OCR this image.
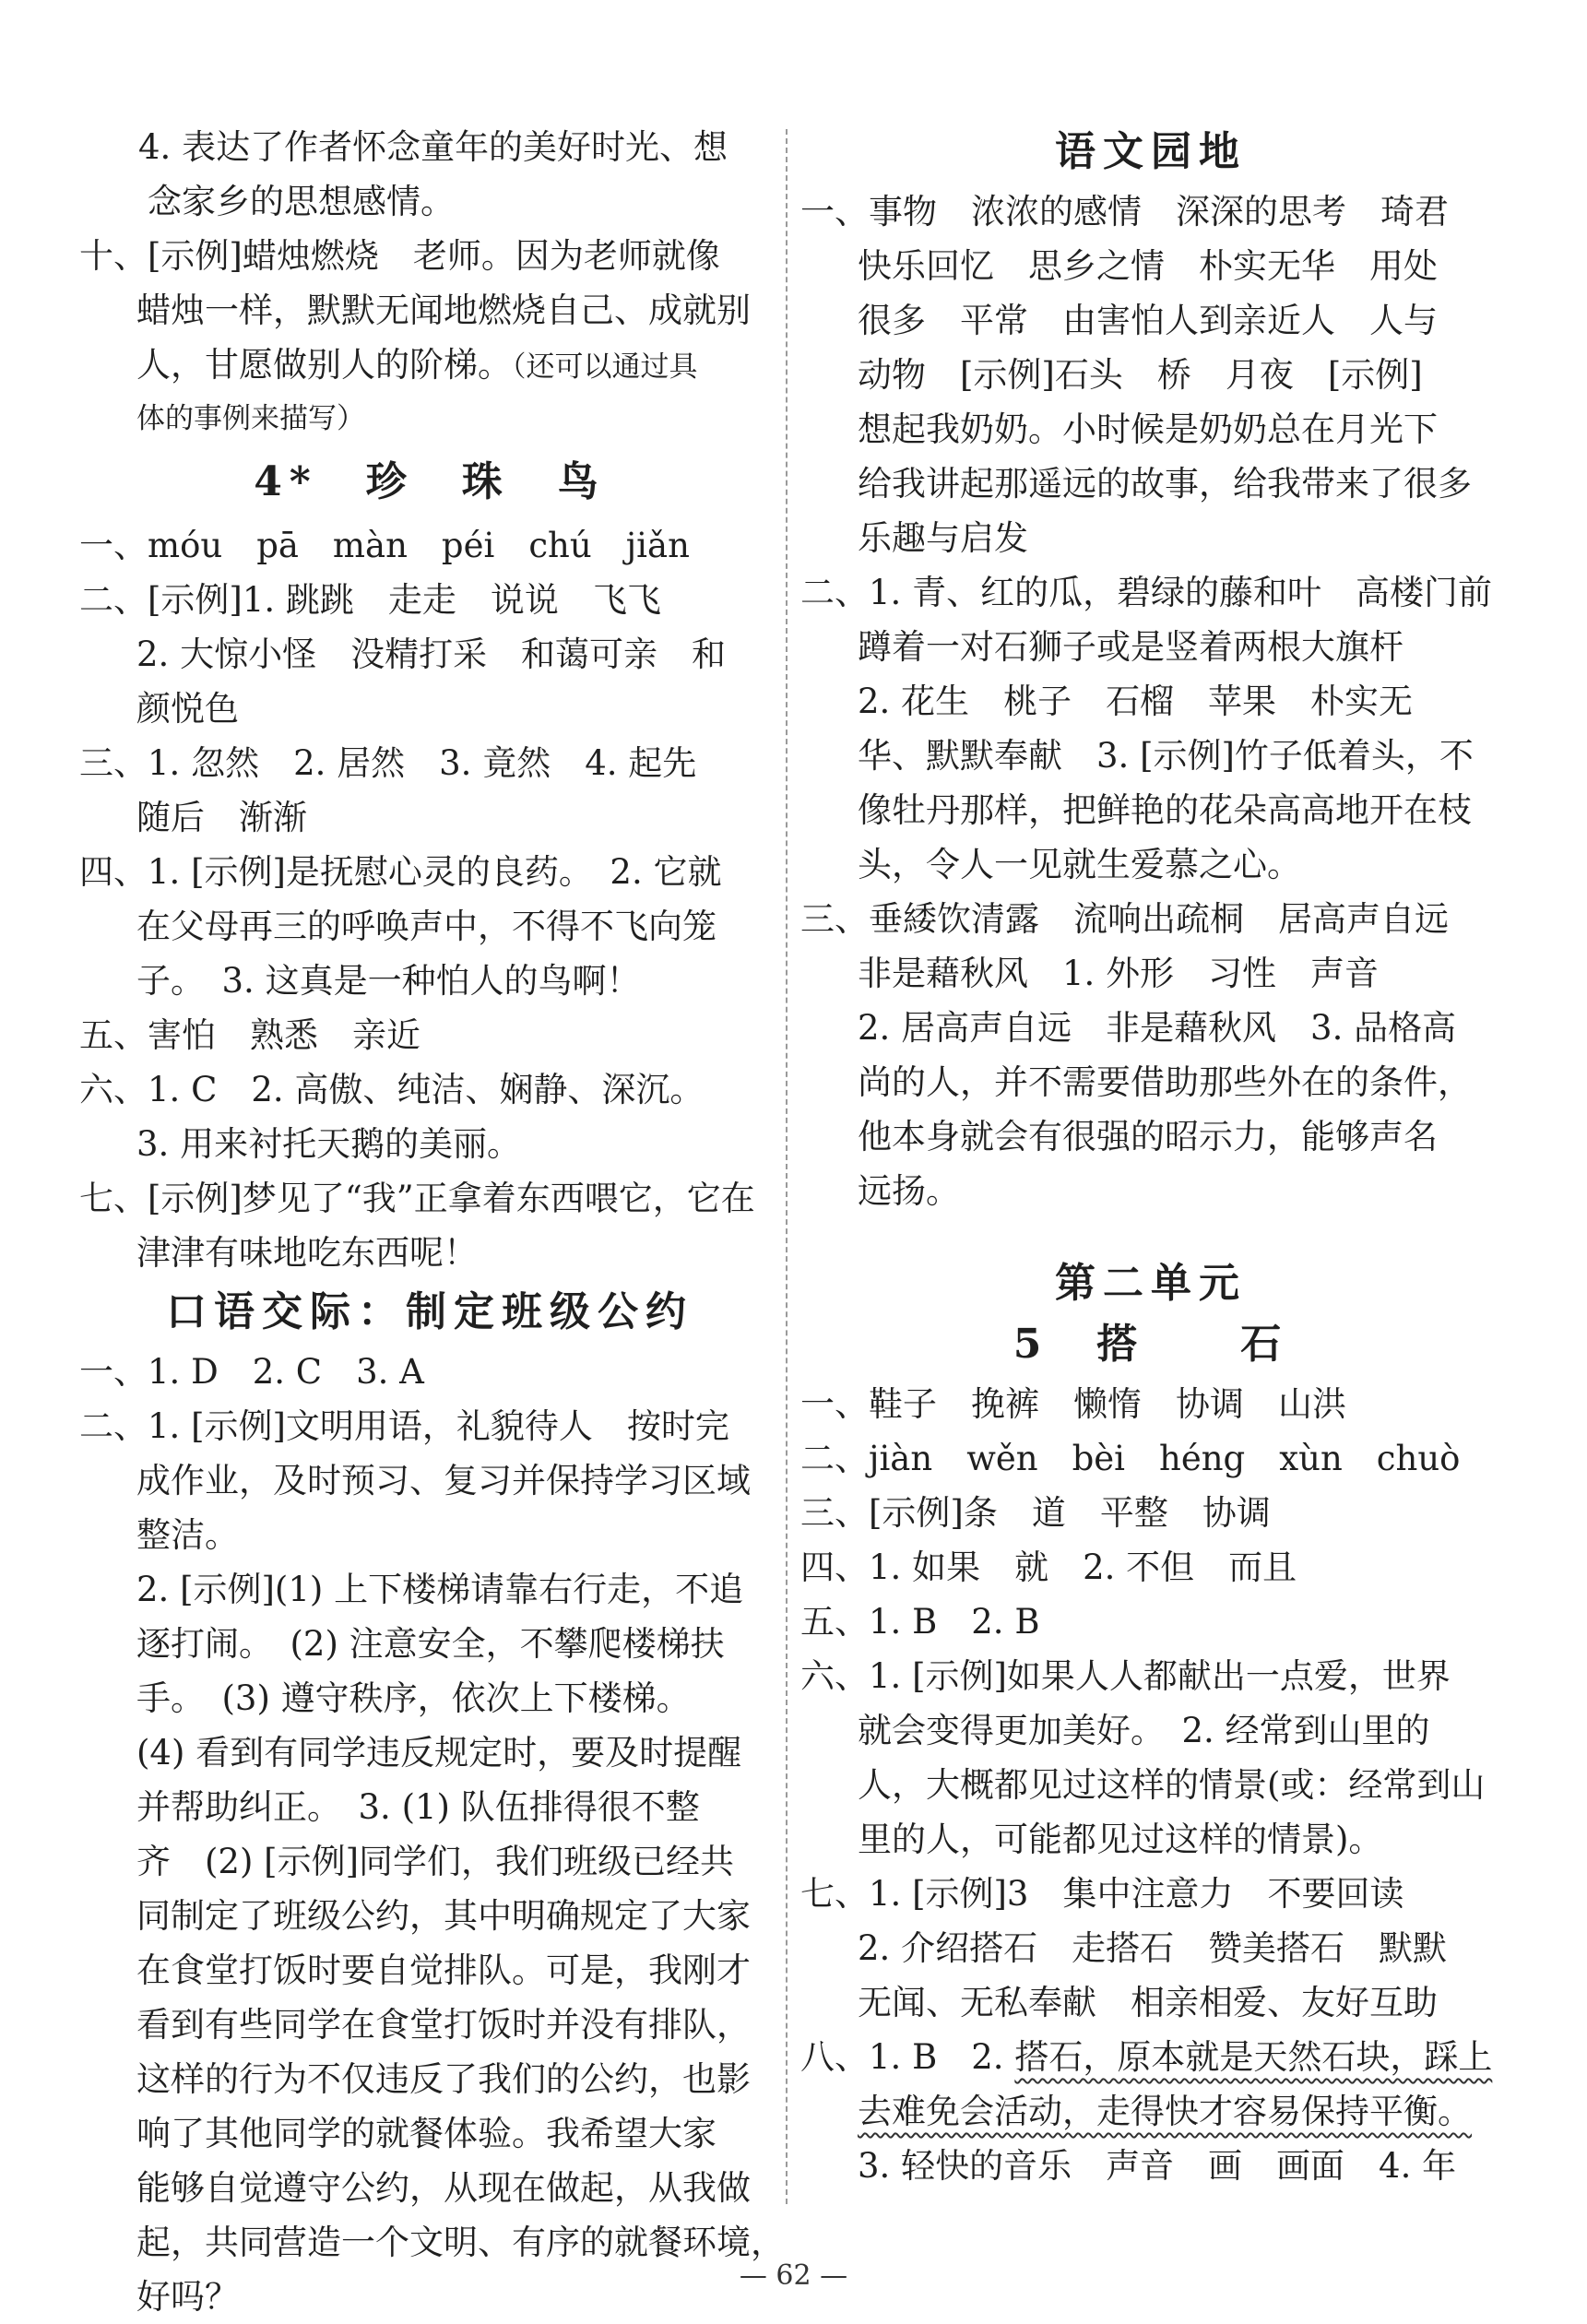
4. 表达了作者怀念童年的美好时光、想

念家乡的思想感情。

十、[示例]蜡烛燃烧　老师。因为老师就像

蜡烛一样，默默无闻地燃烧自己、成就别

人，甘愿做别人的阶梯。（还可以通过具

体的事例来描写）

4*　珍　珠　鸟

一、móu　pā　màn　péi　chú　jiǎn

二、[示例]1. 跳跳　走走　说说　飞飞

2. 大惊小怪　没精打采　和蔼可亲　和

颜悦色

三、1. 忽然　2. 居然　3. 竟然　4. 起先

随后　渐渐

四、1. [示例]是抚慰心灵的良药。　2. 它就

在父母再三的呼唤声中，不得不飞向笼

子。　3. 这真是一种怕人的鸟啊！

五、害怕　熟悉　亲近

六、1. C　2. 高傲、纯洁、娴静、深沉。

3. 用来衬托天鹅的美丽。

七、[示例]梦见了“我”正拿着东西喂它，它在

津津有味地吃东西呢！

口语交际：制定班级公约

一、1. D　2. C　3. A

二、1. [示例]文明用语，礼貌待人　按时完

成作业，及时预习、复习并保持学习区域

整洁。

2. [示例](1) 上下楼梯请靠右行走，不追

逐打闹。　(2) 注意安全，不攀爬楼梯扶

手。　(3) 遵守秩序，依次上下楼梯。

(4) 看到有同学违反规定时，要及时提醒

并帮助纠正。　3. (1) 队伍排得很不整

齐　(2) [示例]同学们，我们班级已经共

同制定了班级公约，其中明确规定了大家

在食堂打饭时要自觉排队。可是，我刚才

看到有些同学在食堂打饭时并没有排队，

这样的行为不仅违反了我们的公约，也影

响了其他同学的就餐体验。我希望大家

能够自觉遵守公约，从现在做起，从我做

起，共同营造一个文明、有序的就餐环境，

好吗？

语文园地

一、事物　浓浓的感情　深深的思考　琦君

快乐回忆　思乡之情　朴实无华　用处

很多　平常　由害怕人到亲近人　人与

动物　[示例]石头　桥　月夜　[示例]

想起我奶奶。小时候是奶奶总在月光下

给我讲起那遥远的故事，给我带来了很多

乐趣与启发

二、1. 青、红的瓜，碧绿的藤和叶　高楼门前

蹲着一对石狮子或是竖着两根大旗杆

2. 花生　桃子　石榴　苹果　朴实无

华、默默奉献　3. [示例]竹子低着头，不

像牡丹那样，把鲜艳的花朵高高地开在枝

头，令人一见就生爱慕之心。

三、垂緌饮清露　流响出疏桐　居高声自远

非是藉秋风　1. 外形　习性　声音

2. 居高声自远　非是藉秋风　3. 品格高

尚的人，并不需要借助那些外在的条件，

他本身就会有很强的昭示力，能够声名

远扬。

第二单元
5　搭　　石

一、鞋子　挽裤　懒惰　协调　山洪

二、jiàn　wěn　bèi　héng　xùn　chuò

三、[示例]条　道　平整　协调

四、1. 如果　就　2. 不但　而且

五、1. B　2. B

六、1. [示例]如果人人都献出一点爱，世界

就会变得更加美好。　2. 经常到山里的

人，大概都见过这样的情景(或：经常到山

里的人，可能都见过这样的情景)。

七、1. [示例]3　集中注意力　不要回读

2. 介绍搭石　走搭石　赞美搭石　默默

无闻、无私奉献　相亲相爱、友好互助

八、1. B　2. 搭石，原本就是天然石块，踩上

去难免会活动，走得快才容易保持平衡。

3. 轻快的音乐　声音　画　画面　4. 年

— 62 —
